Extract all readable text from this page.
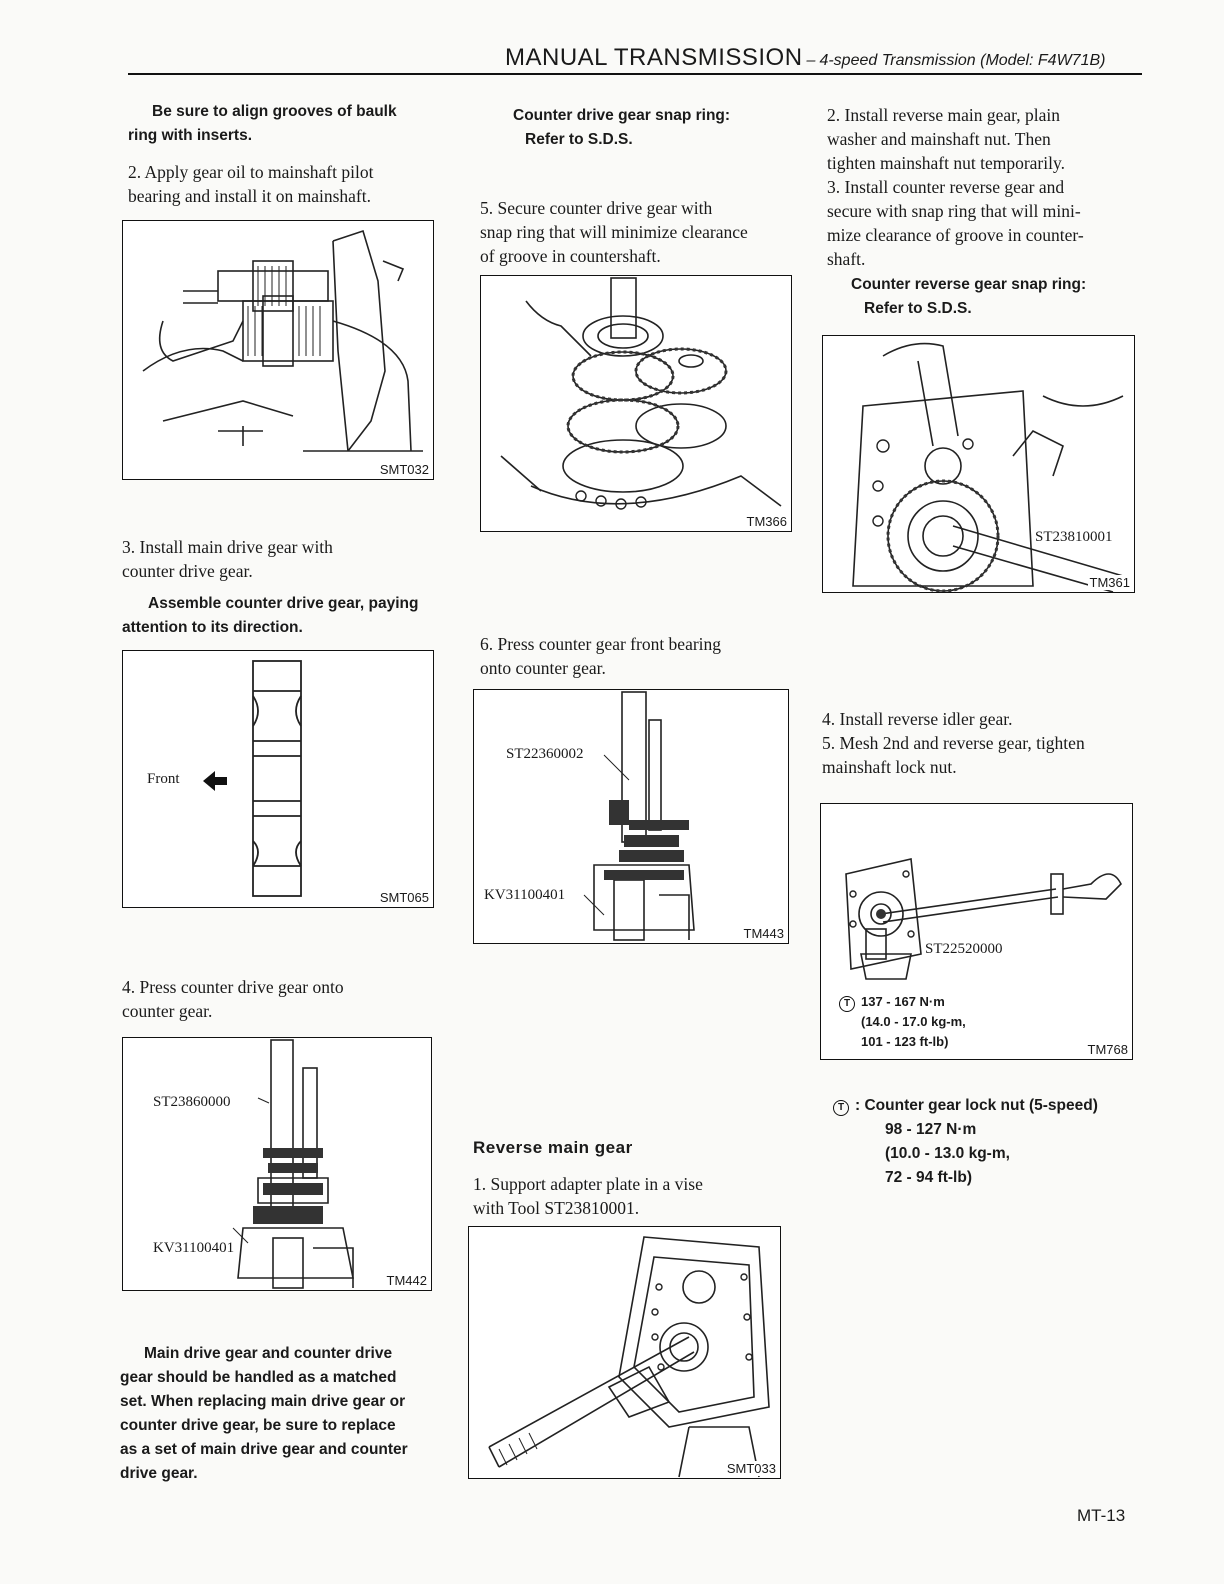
MANUAL TRANSMISSION – 4-speed Transmission (Model: F4W71B)
Be sure to align grooves of baulk
ring with inserts.
2. Apply gear oil to mainshaft pilot
bearing and install it on mainshaft.
SMT032
3. Install main drive gear with
counter drive gear.
Assemble counter drive gear, paying
attention to its direction.
Front
SMT065
4. Press counter drive gear onto
counter gear.
ST23860000
KV31100401
TM442
Main drive gear and counter drive
gear should be handled as a matched
set. When replacing main drive gear or
counter drive gear, be sure to replace
as a set of main drive gear and counter
drive gear.
Counter drive gear snap ring:
Refer to S.D.S.
5. Secure counter drive gear with
snap ring that will minimize clearance
of groove in countershaft.
TM366
6. Press counter gear front bearing
onto counter gear.
ST22360002
KV31100401
TM443
Reverse main gear
1. Support adapter plate in a vise
with Tool ST23810001.
SMT033
2. Install reverse main gear, plain
washer and mainshaft nut. Then
tighten mainshaft nut temporarily.
3. Install counter reverse gear and
secure with snap ring that will mini-
mize clearance of groove in counter-
shaft.
Counter reverse gear snap ring:
Refer to S.D.S.
ST23810001
TM361
4. Install reverse idler gear.
5. Mesh 2nd and reverse gear, tighten
mainshaft lock nut.
ST22520000
T 137 - 167 N·m
(14.0 - 17.0 kg-m,
101 - 123 ft-lb)
TM768
T : Counter gear lock nut (5-speed)
98 - 127 N·m
(10.0 - 13.0 kg-m,
72 - 94 ft-lb)
MT-13
